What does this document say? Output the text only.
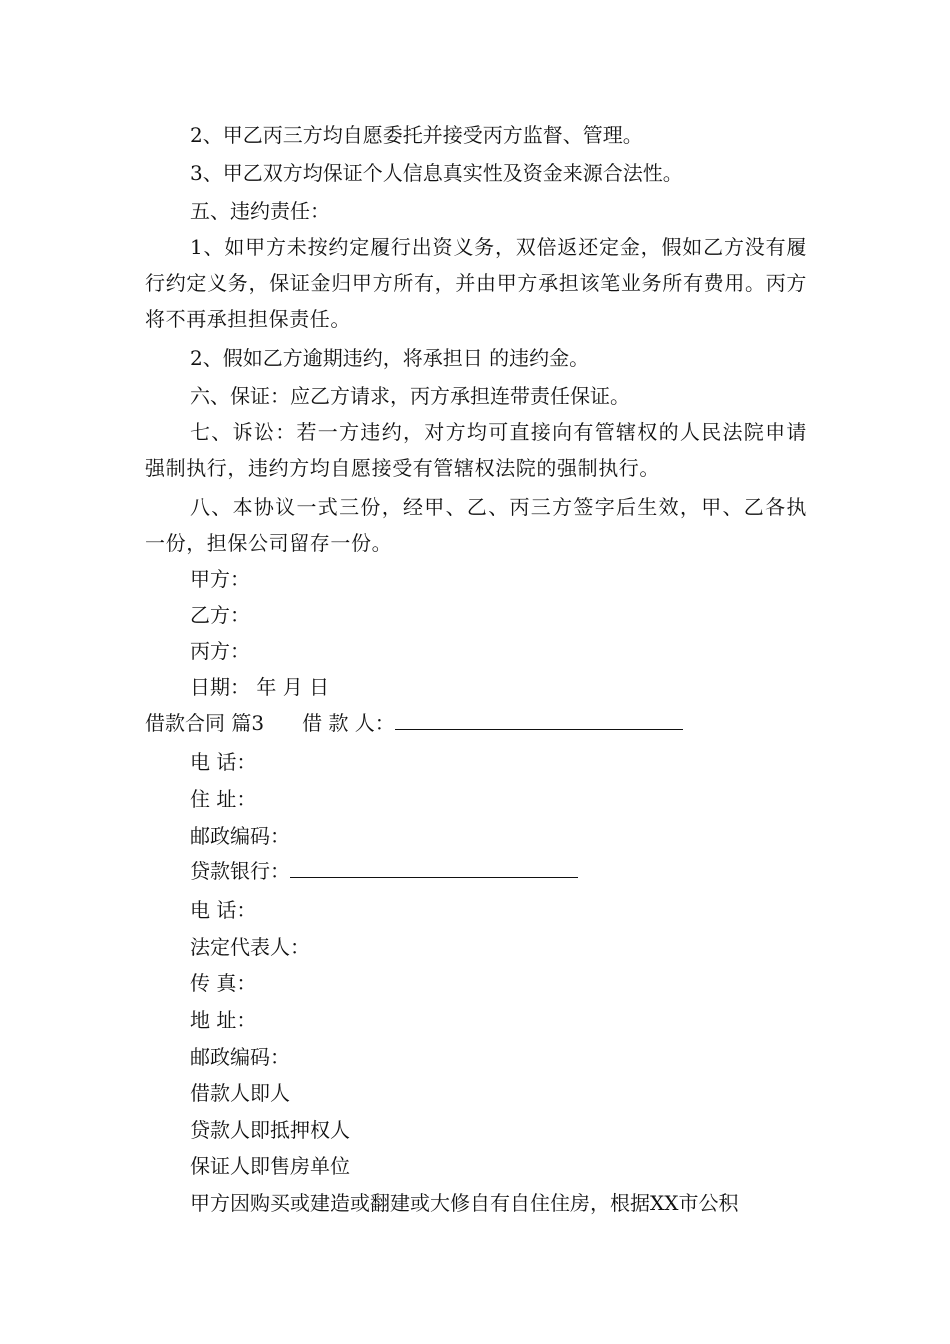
2、甲乙丙三方均自愿委托并接受丙方监督、管理。
3、甲乙双方均保证个人信息真实性及资金来源合法性。
五、违约责任：
1、如甲方未按约定履行出资义务，双倍返还定金，假如乙方没有履行约定义务，保证金归甲方所有，并由甲方承担该笔业务所有费用。丙方将不再承担担保责任。
2、假如乙方逾期违约，将承担日 的违约金。
六、保证：应乙方请求，丙方承担连带责任保证。
七、诉讼：若一方违约，对方均可直接向有管辖权的人民法院申请强制执行，违约方均自愿接受有管辖权法院的强制执行。
八、本协议一式三份，经甲、乙、丙三方签字后生效，甲、乙各执一份，担保公司留存一份。
甲方：
乙方：
丙方：
日期： 年 月 日
借款合同 篇3 借 款 人：
电 话：
住 址：
邮政编码：
贷款银行：
电 话：
法定代表人：
传 真：
地 址：
邮政编码：
借款人即人
贷款人即抵押权人
保证人即售房单位
甲方因购买或建造或翻建或大修自有自住住房，根据XX市公积
